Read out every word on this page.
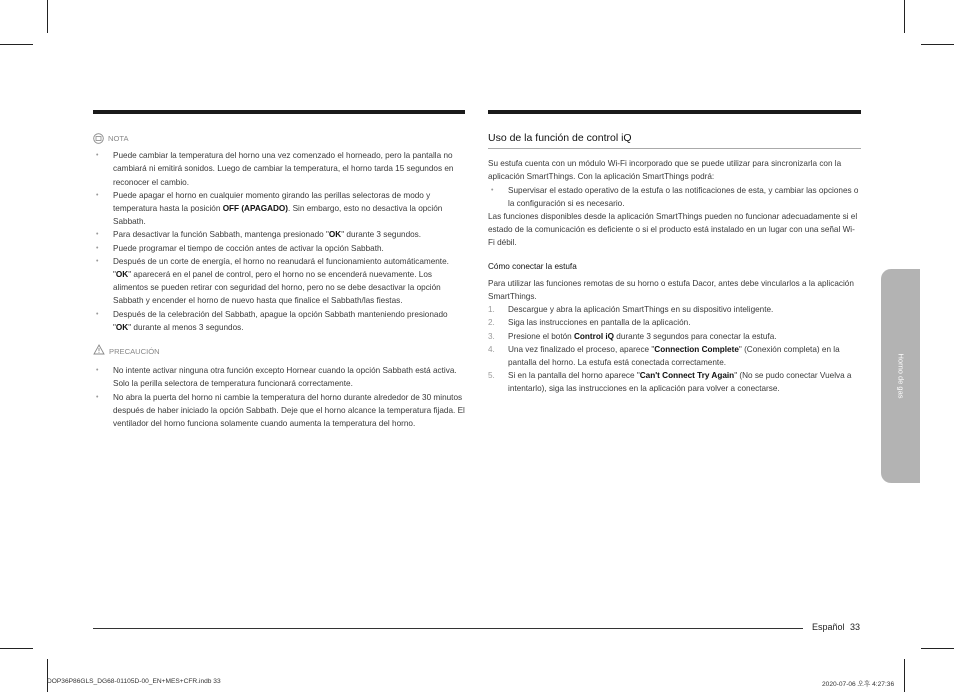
NOTA
• Puede cambiar la temperatura del horno una vez comenzado el horneado, pero la pantalla no cambiará ni emitirá sonidos. Luego de cambiar la temperatura, el horno tarda 15 segundos en reconocer el cambio.
• Puede apagar el horno en cualquier momento girando las perillas selectoras de modo y temperatura hasta la posición OFF (APAGADO). Sin embargo, esto no desactiva la opción Sabbath.
• Para desactivar la función Sabbath, mantenga presionado "OK" durante 3 segundos.
• Puede programar el tiempo de cocción antes de activar la opción Sabbath.
• Después de un corte de energía, el horno no reanudará el funcionamiento automáticamente. "OK" aparecerá en el panel de control, pero el horno no se encenderá nuevamente. Los alimentos se pueden retirar con seguridad del horno, pero no se debe desactivar la opción Sabbath y encender el horno de nuevo hasta que finalice el Sabbath/las fiestas.
• Después de la celebración del Sabbath, apague la opción Sabbath manteniendo presionado "OK" durante al menos 3 segundos.
PRECAUCIÓN
• No intente activar ninguna otra función excepto Hornear cuando la opción Sabbath está activa. Solo la perilla selectora de temperatura funcionará correctamente.
• No abra la puerta del horno ni cambie la temperatura del horno durante alrededor de 30 minutos después de haber iniciado la opción Sabbath. Deje que el horno alcance la temperatura fijada. El ventilador del horno funciona solamente cuando aumenta la temperatura del horno.
Uso de la función de control iQ

Su estufa cuenta con un módulo Wi-Fi incorporado que se puede utilizar para sincronizarla con la aplicación SmartThings. Con la aplicación SmartThings podrá:

• Supervisar el estado operativo de la estufa o las notificaciones de esta, y cambiar las opciones o la configuración si es necesario.

Las funciones disponibles desde la aplicación SmartThings pueden no funcionar adecuadamente si el estado de la comunicación es deficiente o si el producto está instalado en un lugar con una señal Wi-Fi débil.

Cómo conectar la estufa

Para utilizar las funciones remotas de su horno o estufa Dacor, antes debe vincularlos a la aplicación SmartThings.

1. Descargue y abra la aplicación SmartThings en su dispositivo inteligente.
2. Siga las instrucciones en pantalla de la aplicación.
3. Presione el botón Control iQ durante 3 segundos para conectar la estufa.
4. Una vez finalizado el proceso, aparece "Connection Complete" (Conexión completa) en la pantalla del horno. La estufa está conectada correctamente.
5. Si en la pantalla del horno aparece "Can't Connect Try Again" (No se pudo conectar Vuelva a intentarlo), siga las instrucciones en la aplicación para volver a conectarse.	Horno de gas
Español 33
DOP36P86GLS_DG68-01105D-00_EN+MES+CFR.indb 33	2020-07-06 오후 4:27:36
